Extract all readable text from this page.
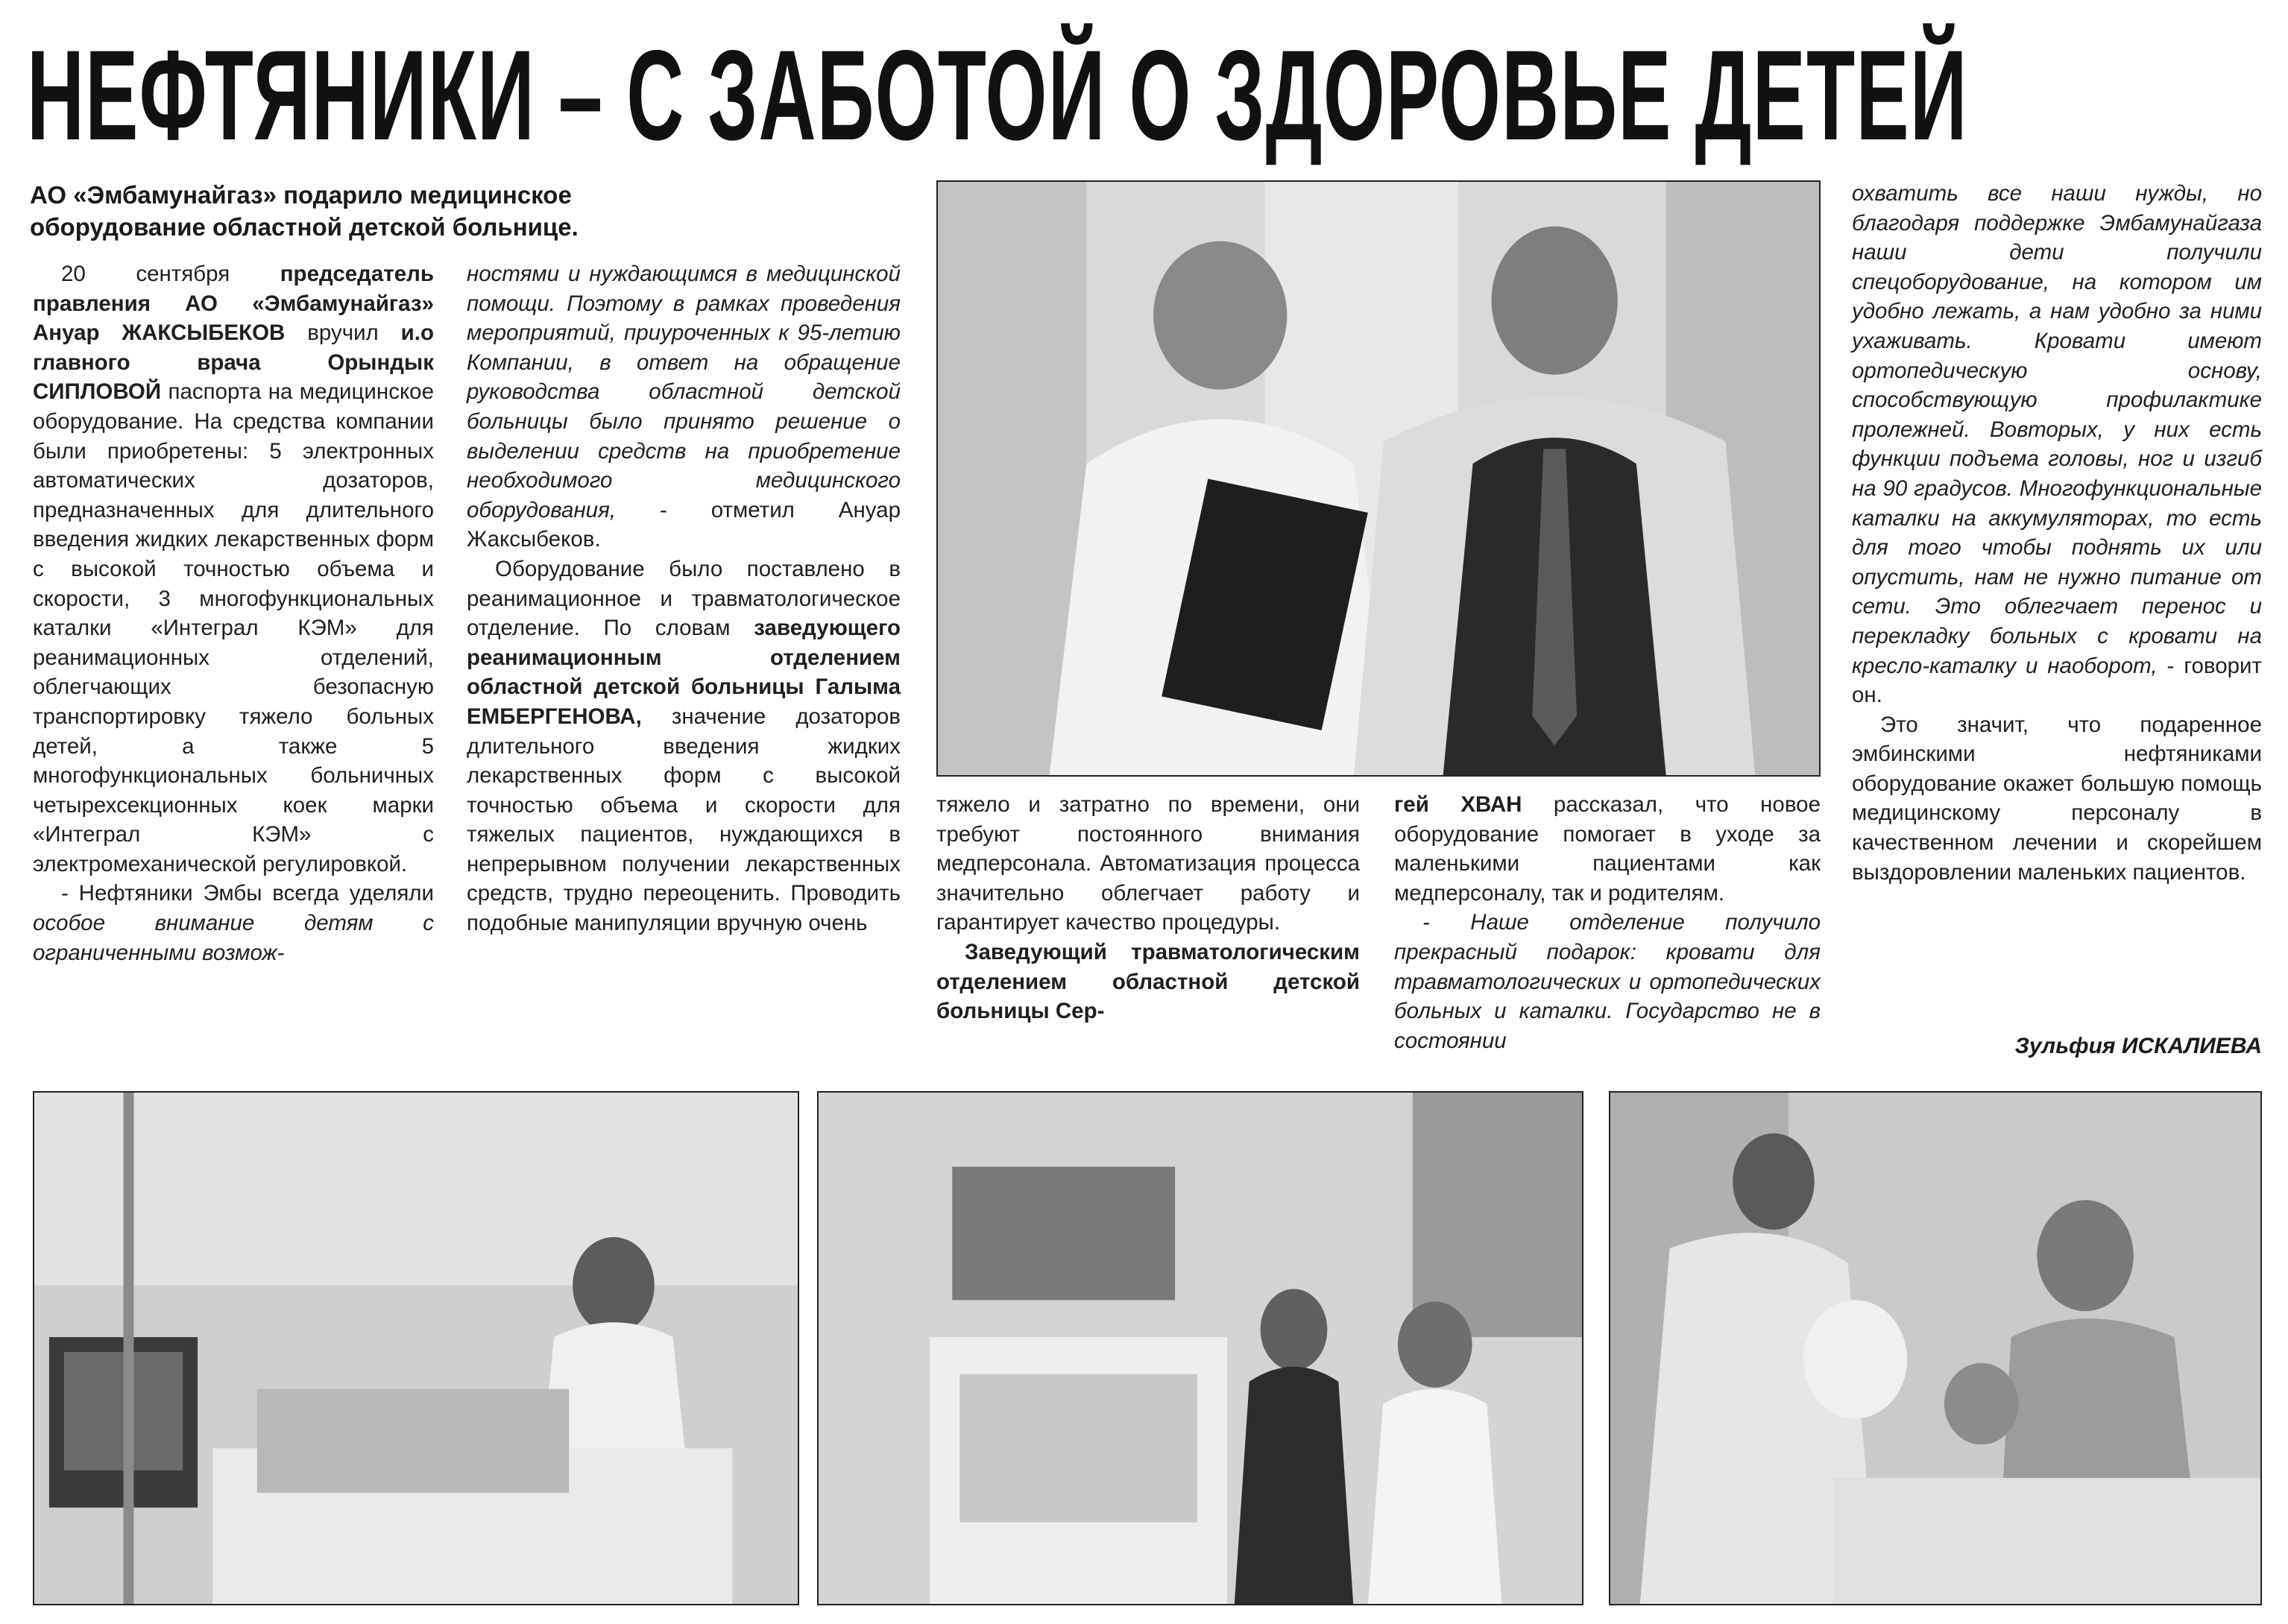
НЕФТЯНИКИ – С ЗАБОТОЙ О ЗДОРОВЬЕ ДЕТЕЙ
АО «Эмбамунайгаз» подарило медицинское
оборудование областной детской больнице.

20 сентября председатель правления АО «Эмбамунайгаз» Ануар ЖАКСЫБЕКОВ вручил и.о главного врача Орындык СИПЛОВОЙ паспорта на медицинское оборудование. На средства компании были приобретены: 5 электронных автоматических дозаторов, предназначенных для длительного введения жидких лекарственных форм с высокой точностью объема и скорости, 3 многофункциональных каталки «Интеграл КЭМ» для реанимационных отделений, облегчающих безопасную транспортировку тяжело больных детей, а также 5 многофункциональных больничных четырехсекционных коек марки «Интеграл КЭМ» с электромеханической регулировкой.

- Нефтяники Эмбы всегда уделяли особое внимание детям с ограниченными возмож-

ностями и нуждающимся в медицинской помощи. Поэтому в рамках проведения мероприятий, приуроченных к 95-летию Компании, в ответ на обращение руководства областной детской больницы было принято решение о выделении средств на приобретение необходимого медицинского оборудования, - отметил Ануар Жаксыбеков.

Оборудование было поставлено в реанимационное и травматологическое отделение. По словам заведующего реанимационным отделением областной детской больницы Галыма ЕМБЕРГЕНОВА, значение дозаторов длительного введения жидких лекарственных форм с высокой точностью объема и скорости для тяжелых пациентов, нуждающихся в непрерывном получении лекарственных средств, трудно переоценить. Проводить подобные манипуляции вручную очень

тяжело и затратно по времени, они требуют постоянного внимания медперсонала. Автоматизация процесса значительно облегчает работу и гарантирует качество процедуры.

Заведующий травматологическим отделением областной детской больницы Сер-

гей ХВАН рассказал, что новое оборудование помогает в уходе за маленькими пациентами как медперсоналу, так и родителям.

- Наше отделение получило прекрасный подарок: кровати для травматологических и ортопедических больных и каталки. Государство не в состоянии

охватить все наши нужды, но благодаря поддержке Эмбамунайгаза наши дети получили спецоборудование, на котором им удобно лежать, а нам удобно за ними ухаживать. Кровати имеют ортопедическую основу, способствующую профилактике пролежней. Вовторых, у них есть функции подъема головы, ног и изгиб на 90 градусов. Многофункциональные каталки на аккумуляторах, то есть для того чтобы поднять их или опустить, нам не нужно питание от сети. Это облегчает перенос и перекладку больных с кровати на кресло-каталку и наоборот, - говорит он.

Это значит, что подаренное эмбинскими нефтяниками оборудование окажет большую помощь медицинскому персоналу в качественном лечении и скорейшем выздоровлении маленьких пациентов.

Зульфия ИСКАЛИЕВА
